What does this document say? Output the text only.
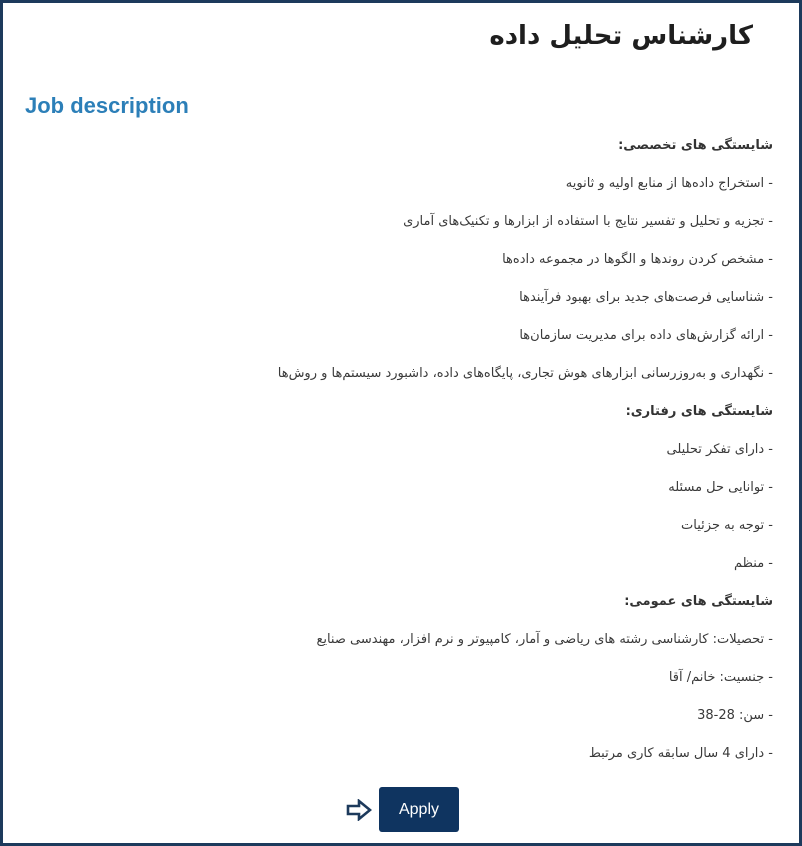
کارشناس تحلیل داده
Job description
شایستگی های تخصصی:
- استخراج داده‌ها از منابع اولیه و ثانویه
- تجزیه و تحلیل و تفسیر نتایج با استفاده از ابزارها و تکنیک‌های آماری
- مشخص کردن روندها و الگوها در مجموعه داده‌ها
- شناسایی فرصت‌های جدید برای بهبود فرآیندها
- ارائه گزارش‌های داده برای مدیریت سازمان‌ها
- نگهداری و به‌روزرسانی ابزارهای هوش تجاری، پایگاه‌های داده، داشبورد سیستم‌ها و روش‌ها
شایستگی های رفتاری:
- دارای تفکر تحلیلی
- توانایی حل مسئله
- توجه به جزئیات
- منظم
شایستگی های عمومی:
- تحصیلات: کارشناسی رشته های ریاضی و آمار، کامپیوتر و نرم افزار، مهندسی صنایع
- جنسیت: خانم/ آقا
- سن: 28-38
- دارای 4 سال سابقه کاری مرتبط
Apply
